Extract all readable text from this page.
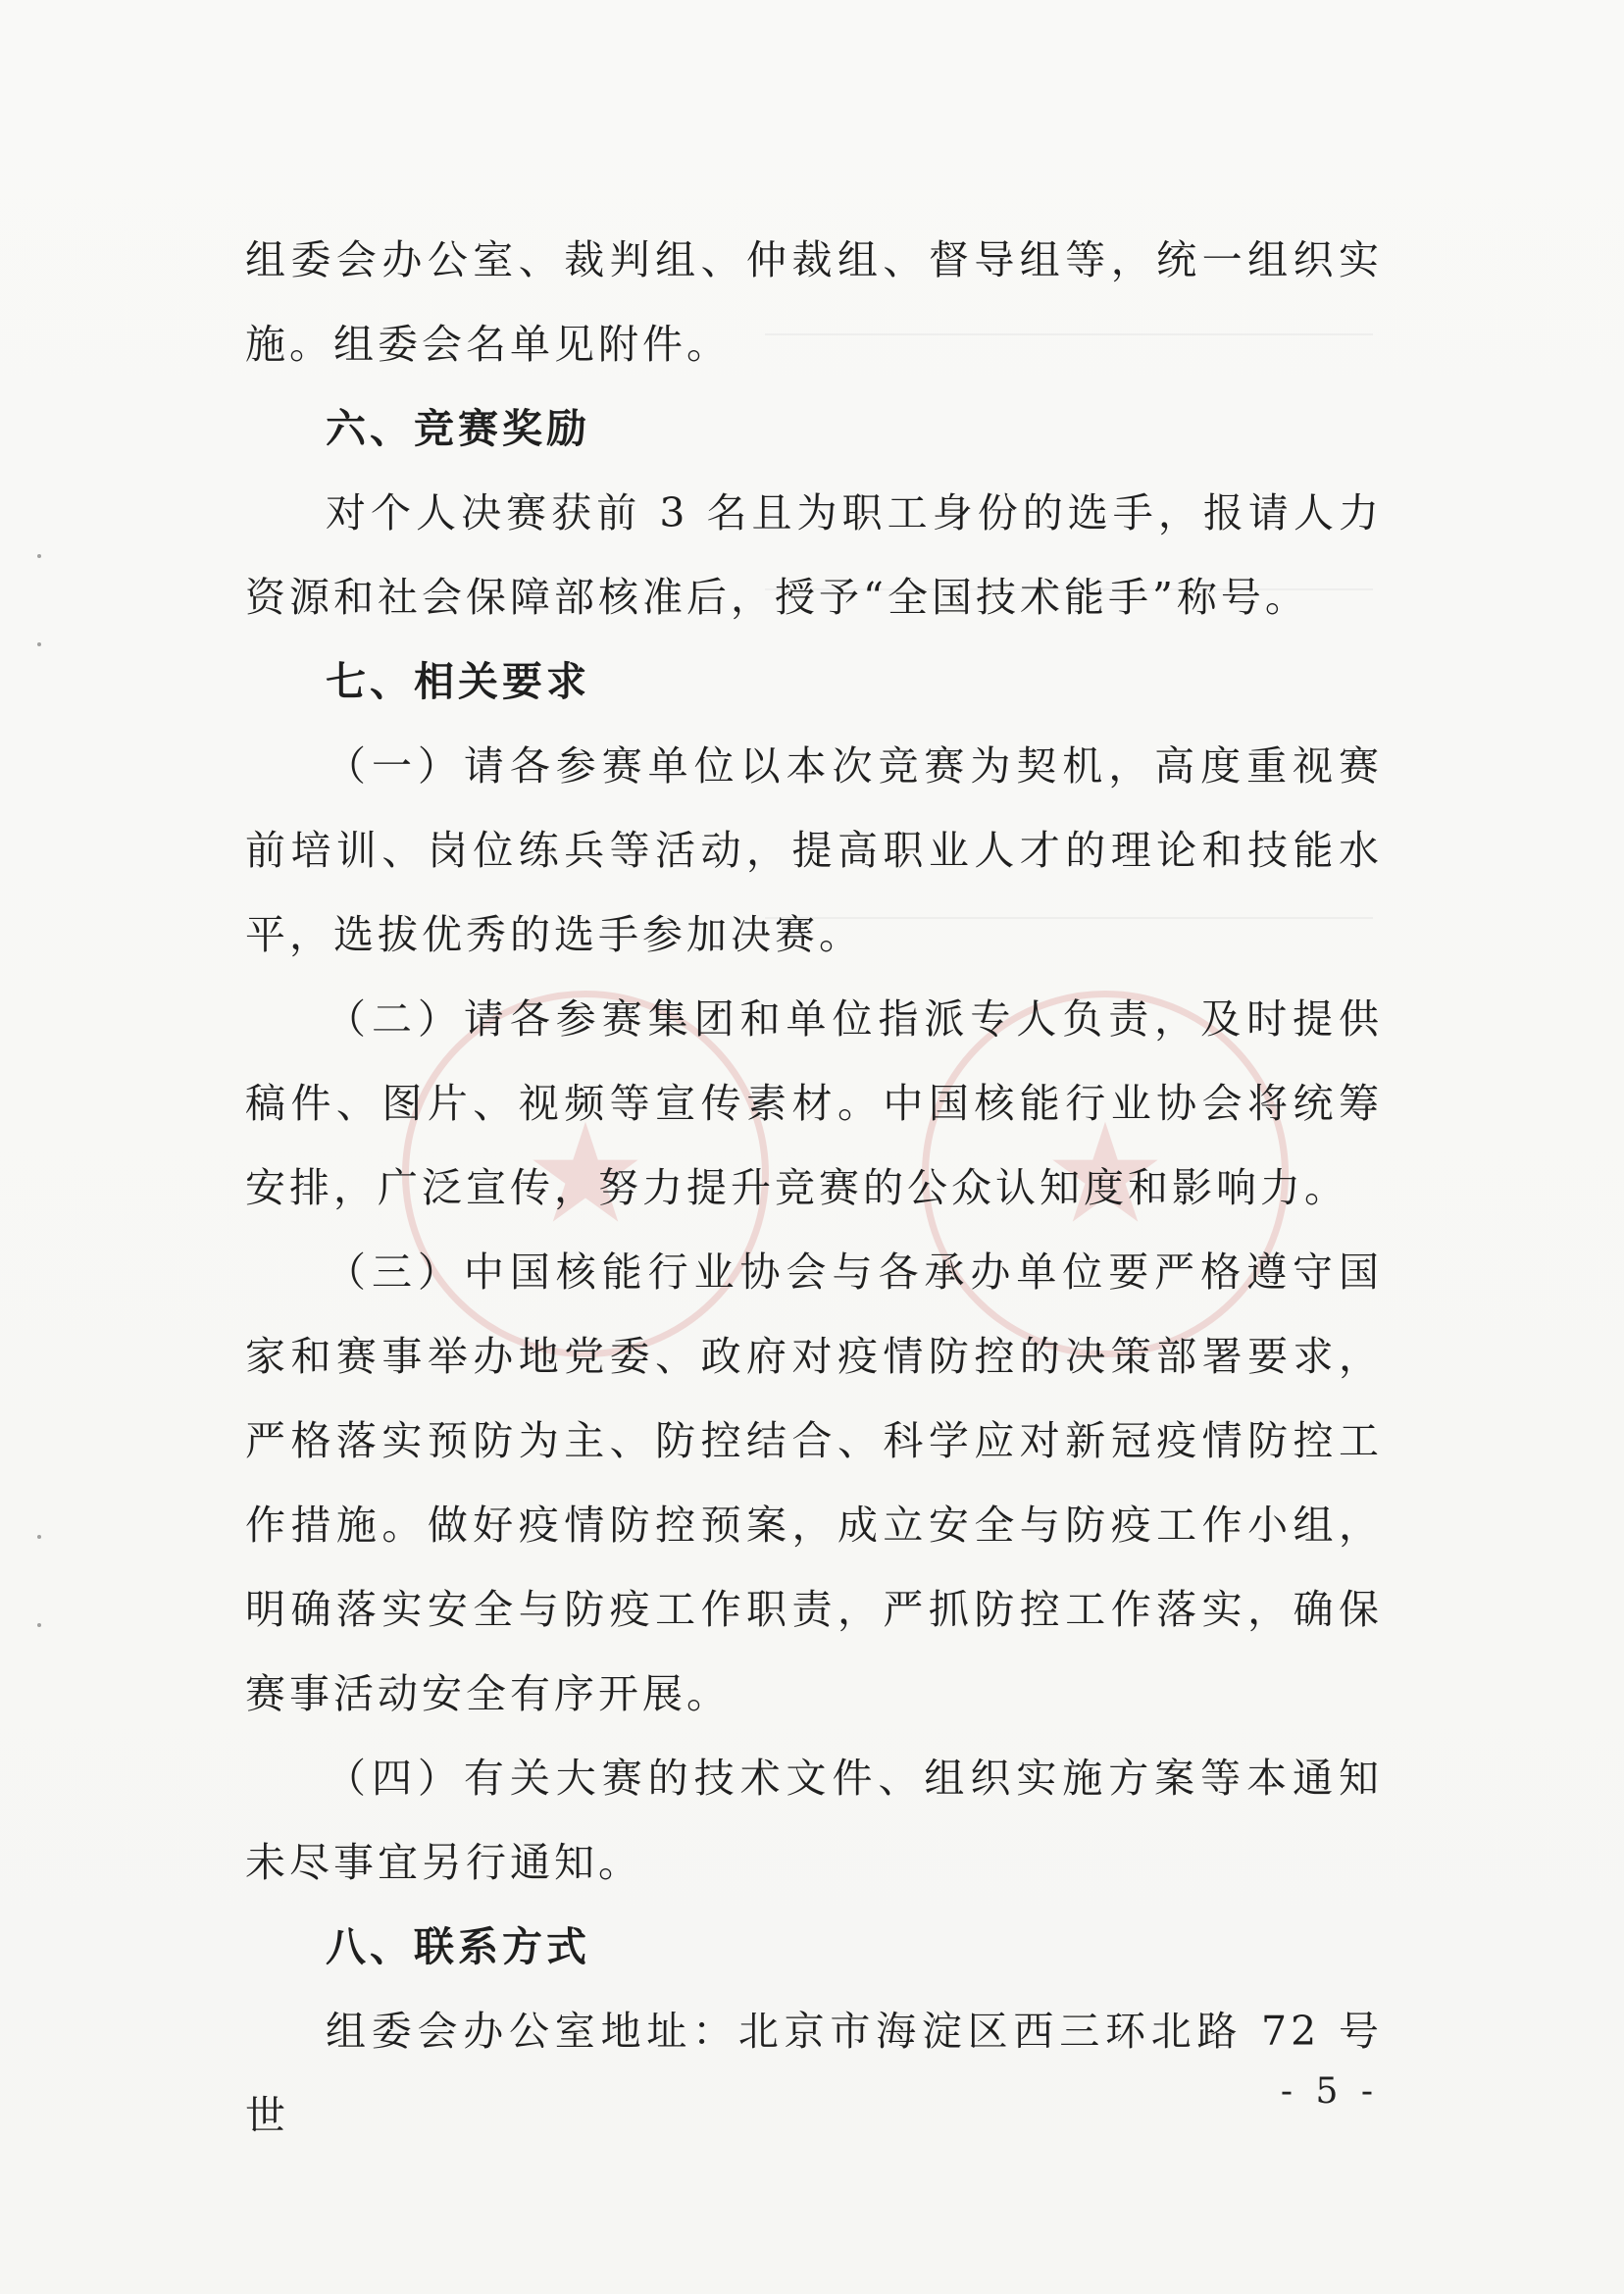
★	★

组委会办公室、裁判组、仲裁组、督导组等，统一组织实施。组委会名单见附件。

六、竞赛奖励

对个人决赛获前 3 名且为职工身份的选手，报请人力资源和社会保障部核准后，授予“全国技术能手”称号。

七、相关要求

（一）请各参赛单位以本次竞赛为契机，高度重视赛前培训、岗位练兵等活动，提高职业人才的理论和技能水平，选拔优秀的选手参加决赛。

（二）请各参赛集团和单位指派专人负责，及时提供稿件、图片、视频等宣传素材。中国核能行业协会将统筹安排，广泛宣传，努力提升竞赛的公众认知度和影响力。

（三）中国核能行业协会与各承办单位要严格遵守国家和赛事举办地党委、政府对疫情防控的决策部署要求，严格落实预防为主、防控结合、科学应对新冠疫情防控工作措施。做好疫情防控预案，成立安全与防疫工作小组，明确落实安全与防疫工作职责，严抓防控工作落实，确保赛事活动安全有序开展。

（四）有关大赛的技术文件、组织实施方案等本通知未尽事宜另行通知。

八、联系方式

组委会办公室地址：北京市海淀区西三环北路 72 号世

- 5 -
